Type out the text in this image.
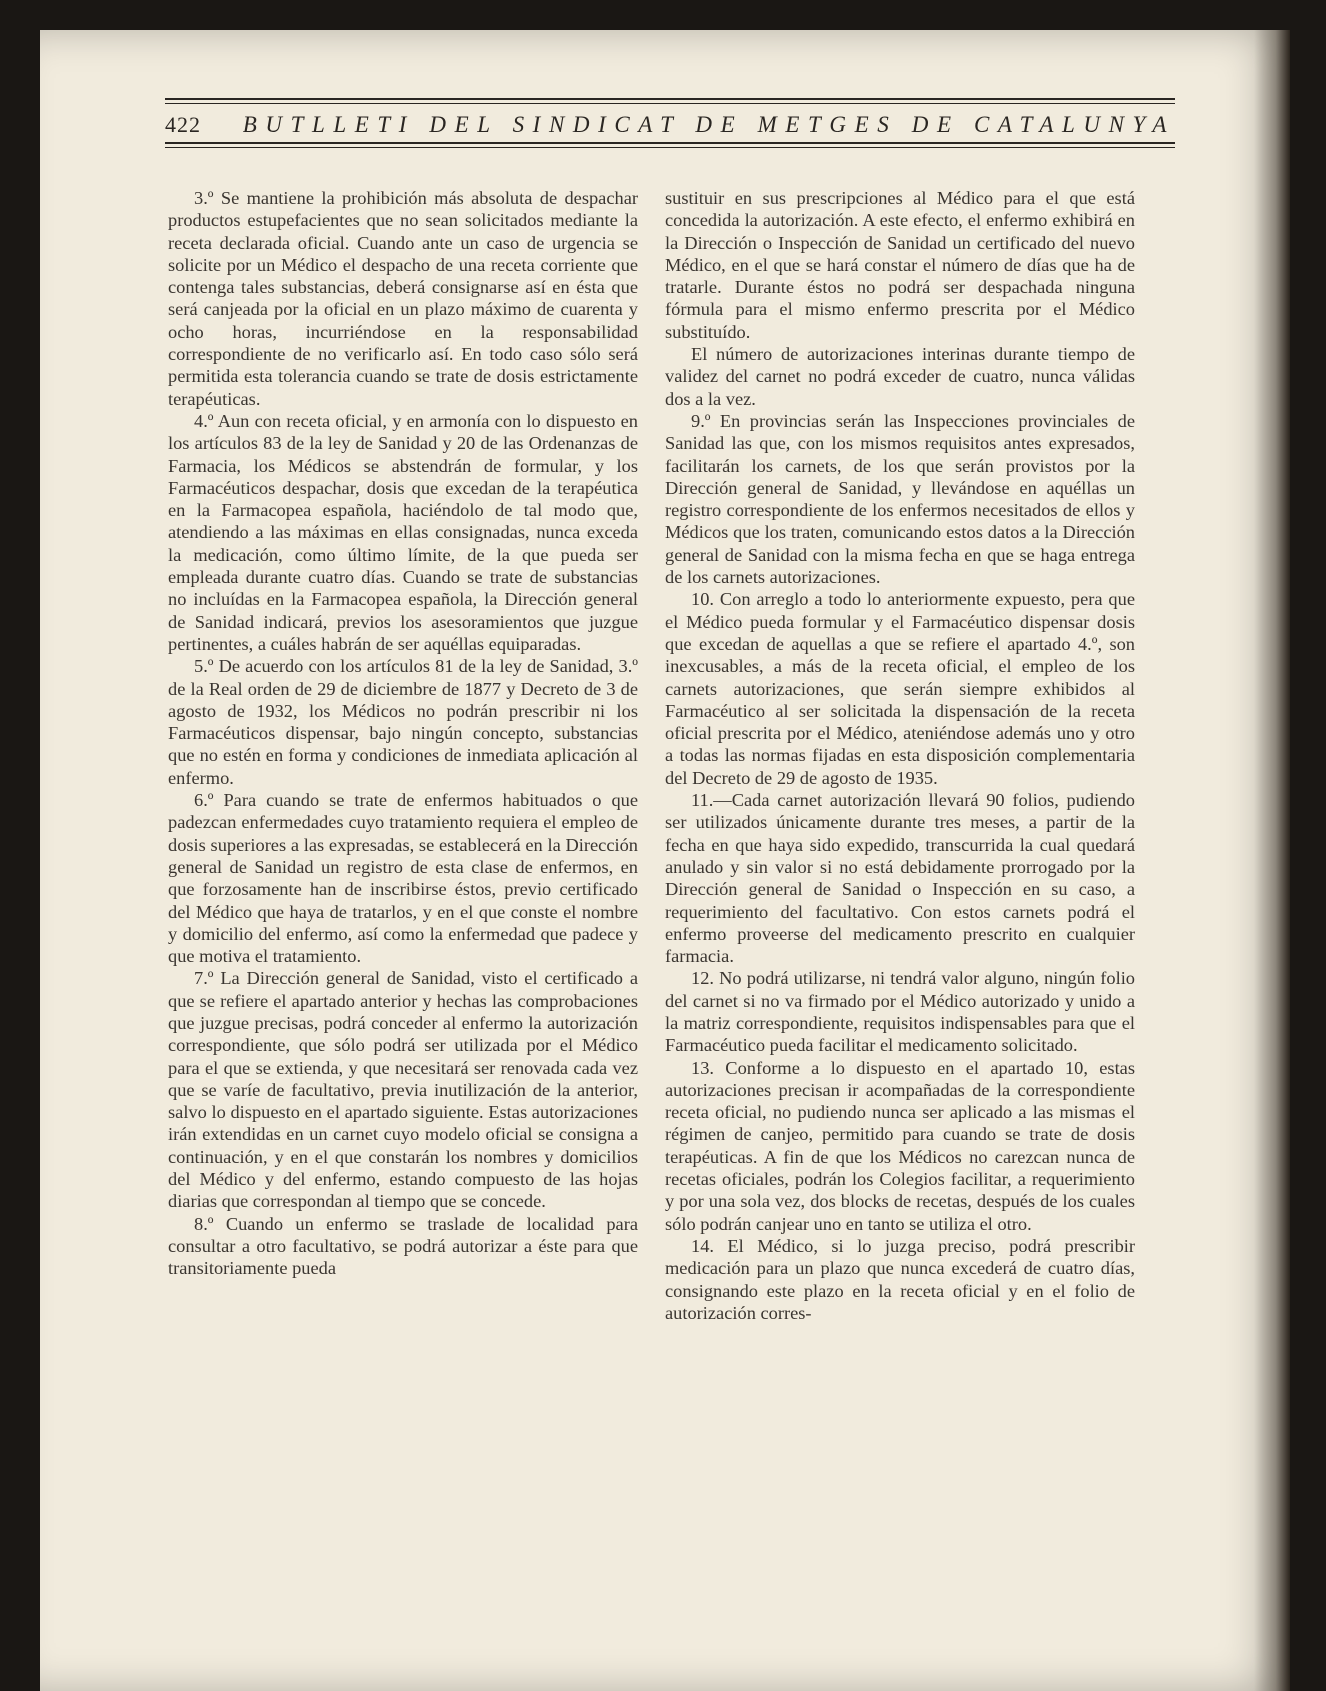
422 BUTLLETI DEL SINDICAT DE METGES DE CATALUNYA

3.º Se mantiene la prohibición más absoluta de despachar productos estupefacientes que no sean solicitados mediante la receta declarada oficial. Cuando ante un caso de urgencia se solicite por un Médico el despacho de una receta corriente que contenga tales substancias, deberá consignarse así en ésta que será canjeada por la oficial en un plazo máximo de cuarenta y ocho horas, incurriéndose en la responsabilidad correspondiente de no verificarlo así. En todo caso sólo será permitida esta tolerancia cuando se trate de dosis estrictamente terapéuticas.

4.º Aun con receta oficial, y en armonía con lo dispuesto en los artículos 83 de la ley de Sanidad y 20 de las Ordenanzas de Farmacia, los Médicos se abstendrán de formular, y los Farmacéuticos despachar, dosis que excedan de la terapéutica en la Farmacopea española, haciéndolo de tal modo que, atendiendo a las máximas en ellas consignadas, nunca exceda la medicación, como último límite, de la que pueda ser empleada durante cuatro días. Cuando se trate de substancias no incluídas en la Farmacopea española, la Dirección general de Sanidad indicará, previos los asesoramientos que juzgue pertinentes, a cuáles habrán de ser aquéllas equiparadas.

5.º De acuerdo con los artículos 81 de la ley de Sanidad, 3.º de la Real orden de 29 de diciembre de 1877 y Decreto de 3 de agosto de 1932, los Médicos no podrán prescribir ni los Farmacéuticos dispensar, bajo ningún concepto, substancias que no estén en forma y condiciones de inmediata aplicación al enfermo.

6.º Para cuando se trate de enfermos habituados o que padezcan enfermedades cuyo tratamiento requiera el empleo de dosis superiores a las expresadas, se establecerá en la Dirección general de Sanidad un registro de esta clase de enfermos, en que forzosamente han de inscribirse éstos, previo certificado del Médico que haya de tratarlos, y en el que conste el nombre y domicilio del enfermo, así como la enfermedad que padece y que motiva el tratamiento.

7.º La Dirección general de Sanidad, visto el certificado a que se refiere el apartado anterior y hechas las comprobaciones que juzgue precisas, podrá conceder al enfermo la autorización correspondiente, que sólo podrá ser utilizada por el Médico para el que se extienda, y que necesitará ser renovada cada vez que se varíe de facultativo, previa inutilización de la anterior, salvo lo dispuesto en el apartado siguiente. Estas autorizaciones irán extendidas en un carnet cuyo modelo oficial se consigna a continuación, y en el que constarán los nombres y domicilios del Médico y del enfermo, estando compuesto de las hojas diarias que correspondan al tiempo que se concede.

8.º Cuando un enfermo se traslade de localidad para consultar a otro facultativo, se podrá autorizar a éste para que transitoriamente pueda

sustituir en sus prescripciones al Médico para el que está concedida la autorización. A este efecto, el enfermo exhibirá en la Dirección o Inspección de Sanidad un certificado del nuevo Médico, en el que se hará constar el número de días que ha de tratarle. Durante éstos no podrá ser despachada ninguna fórmula para el mismo enfermo prescrita por el Médico substituído.

El número de autorizaciones interinas durante tiempo de validez del carnet no podrá exceder de cuatro, nunca válidas dos a la vez.

9.º En provincias serán las Inspecciones provinciales de Sanidad las que, con los mismos requisitos antes expresados, facilitarán los carnets, de los que serán provistos por la Dirección general de Sanidad, y llevándose en aquéllas un registro correspondiente de los enfermos necesitados de ellos y Médicos que los traten, comunicando estos datos a la Dirección general de Sanidad con la misma fecha en que se haga entrega de los carnets autorizaciones.

10. Con arreglo a todo lo anteriormente expuesto, pera que el Médico pueda formular y el Farmacéutico dispensar dosis que excedan de aquellas a que se refiere el apartado 4.º, son inexcusables, a más de la receta oficial, el empleo de los carnets autorizaciones, que serán siempre exhibidos al Farmacéutico al ser solicitada la dispensación de la receta oficial prescrita por el Médico, ateniéndose además uno y otro a todas las normas fijadas en esta disposición complementaria del Decreto de 29 de agosto de 1935.

11.—Cada carnet autorización llevará 90 folios, pudiendo ser utilizados únicamente durante tres meses, a partir de la fecha en que haya sido expedido, transcurrida la cual quedará anulado y sin valor si no está debidamente prorrogado por la Dirección general de Sanidad o Inspección en su caso, a requerimiento del facultativo. Con estos carnets podrá el enfermo proveerse del medicamento prescrito en cualquier farmacia.

12. No podrá utilizarse, ni tendrá valor alguno, ningún folio del carnet si no va firmado por el Médico autorizado y unido a la matriz correspondiente, requisitos indispensables para que el Farmacéutico pueda facilitar el medicamento solicitado.

13. Conforme a lo dispuesto en el apartado 10, estas autorizaciones precisan ir acompañadas de la correspondiente receta oficial, no pudiendo nunca ser aplicado a las mismas el régimen de canjeo, permitido para cuando se trate de dosis terapéuticas. A fin de que los Médicos no carezcan nunca de recetas oficiales, podrán los Colegios facilitar, a requerimiento y por una sola vez, dos blocks de recetas, después de los cuales sólo podrán canjear uno en tanto se utiliza el otro.

14. El Médico, si lo juzga preciso, podrá prescribir medicación para un plazo que nunca excederá de cuatro días, consignando este plazo en la receta oficial y en el folio de autorización corres-
